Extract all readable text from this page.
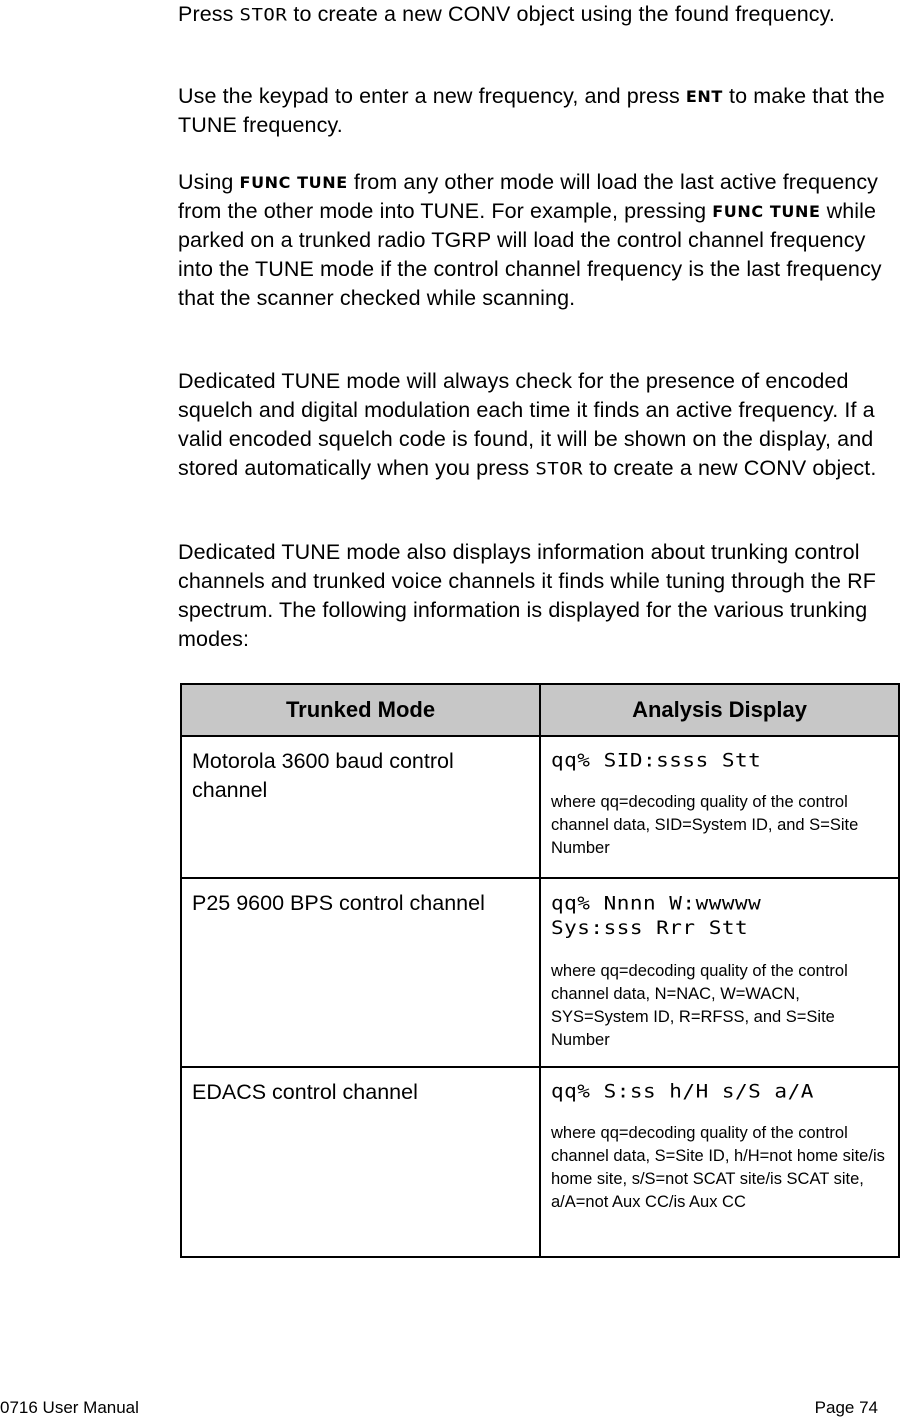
Press STOR to create a new CONV object using the found frequency.

Use the keypad to enter a new frequency, and press ENT to make that the TUNE frequency.

Using FUNC TUNE from any other mode will load the last active frequency from the other mode into TUNE. For example, pressing FUNC TUNE while parked on a trunked radio TGRP will load the control channel frequency into the TUNE mode if the control channel frequency is the last frequency that the scanner checked while scanning.

Dedicated TUNE mode will always check for the presence of encoded squelch and digital modulation each time it finds an active frequency. If a valid encoded squelch code is found, it will be shown on the display, and stored automatically when you press STOR to create a new CONV object.

Dedicated TUNE mode also displays information about trunking control channels and trunked voice channels it finds while tuning through the RF spectrum. The following information is displayed for the various trunking modes:

Trunked Mode	Analysis Display
Motorola 3600 baud control channel	qq% SID:ssss Stt
where qq=decoding quality of the control channel data, SID=System ID, and S=Site Number

P25 9600 BPS control channel	qq% Nnnn W:wwwww
Sys:sss Rrr Stt
where qq=decoding quality of the control channel data, N=NAC, W=WACN, SYS=System ID, R=RFSS, and S=Site Number

EDACS control channel	qq% S:ss h/H s/S a/A
where qq=decoding quality of the control channel data, S=Site ID, h/H=not home site/is home site, s/S=not SCAT site/is SCAT site, a/A=not Aux CC/is Aux CC
0716 User Manual	Page 74
